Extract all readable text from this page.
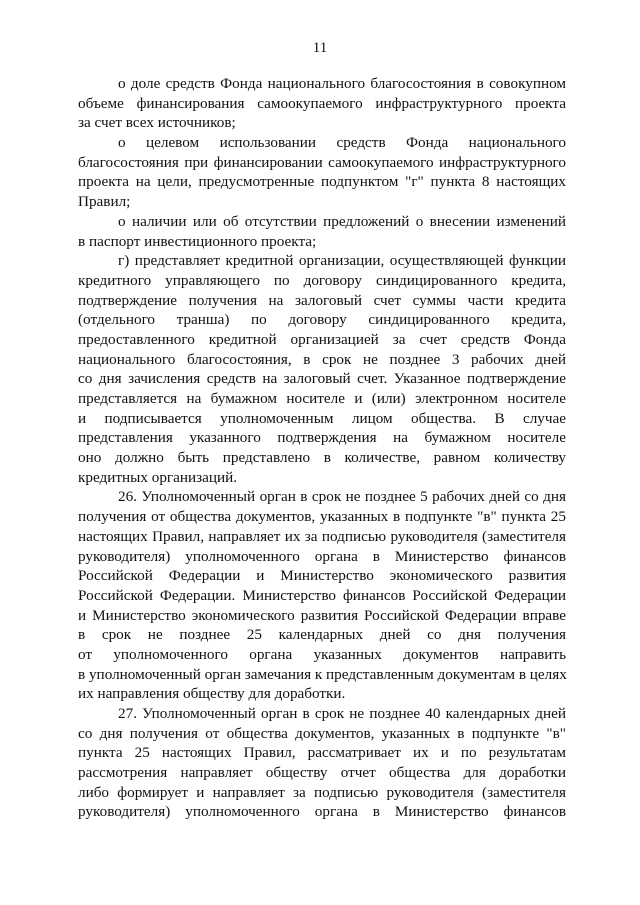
11
о доле средств Фонда национального благосостояния в совокупном
объеме финансирования самоокупаемого инфраструктурного проекта
за счет всех источников;
о целевом использовании средств Фонда национального
благосостояния при финансировании самоокупаемого инфраструктурного
проекта на цели, предусмотренные подпунктом "г" пункта 8 настоящих
Правил;
о наличии или об отсутствии предложений о внесении изменений
в паспорт инвестиционного проекта;
г) представляет кредитной организации, осуществляющей функции
кредитного управляющего по договору синдицированного кредита,
подтверждение получения на залоговый счет суммы части кредита
(отдельного транша) по договору синдицированного кредита,
предоставленного кредитной организацией за счет средств Фонда
национального благосостояния, в срок не позднее 3 рабочих дней
со дня зачисления средств на залоговый счет. Указанное подтверждение
представляется на бумажном носителе и (или) электронном носителе
и подписывается уполномоченным лицом общества. В случае
представления указанного подтверждения на бумажном носителе
оно должно быть представлено в количестве, равном количеству
кредитных организаций.
26. Уполномоченный орган в срок не позднее 5 рабочих дней со дня
получения от общества документов, указанных в подпункте "в" пункта 25
настоящих Правил, направляет их за подписью руководителя (заместителя
руководителя) уполномоченного органа в Министерство финансов
Российской Федерации и Министерство экономического развития
Российской Федерации. Министерство финансов Российской Федерации
и Министерство экономического развития Российской Федерации вправе
в срок не позднее 25 календарных дней со дня получения
от уполномоченного органа указанных документов направить
в уполномоченный орган замечания к представленным документам в целях
их направления обществу для доработки.
27. Уполномоченный орган в срок не позднее 40 календарных дней
со дня получения от общества документов, указанных в подпункте "в"
пункта 25 настоящих Правил, рассматривает их и по результатам
рассмотрения направляет обществу отчет общества для доработки
либо формирует и направляет за подписью руководителя (заместителя
руководителя) уполномоченного органа в Министерство финансов
